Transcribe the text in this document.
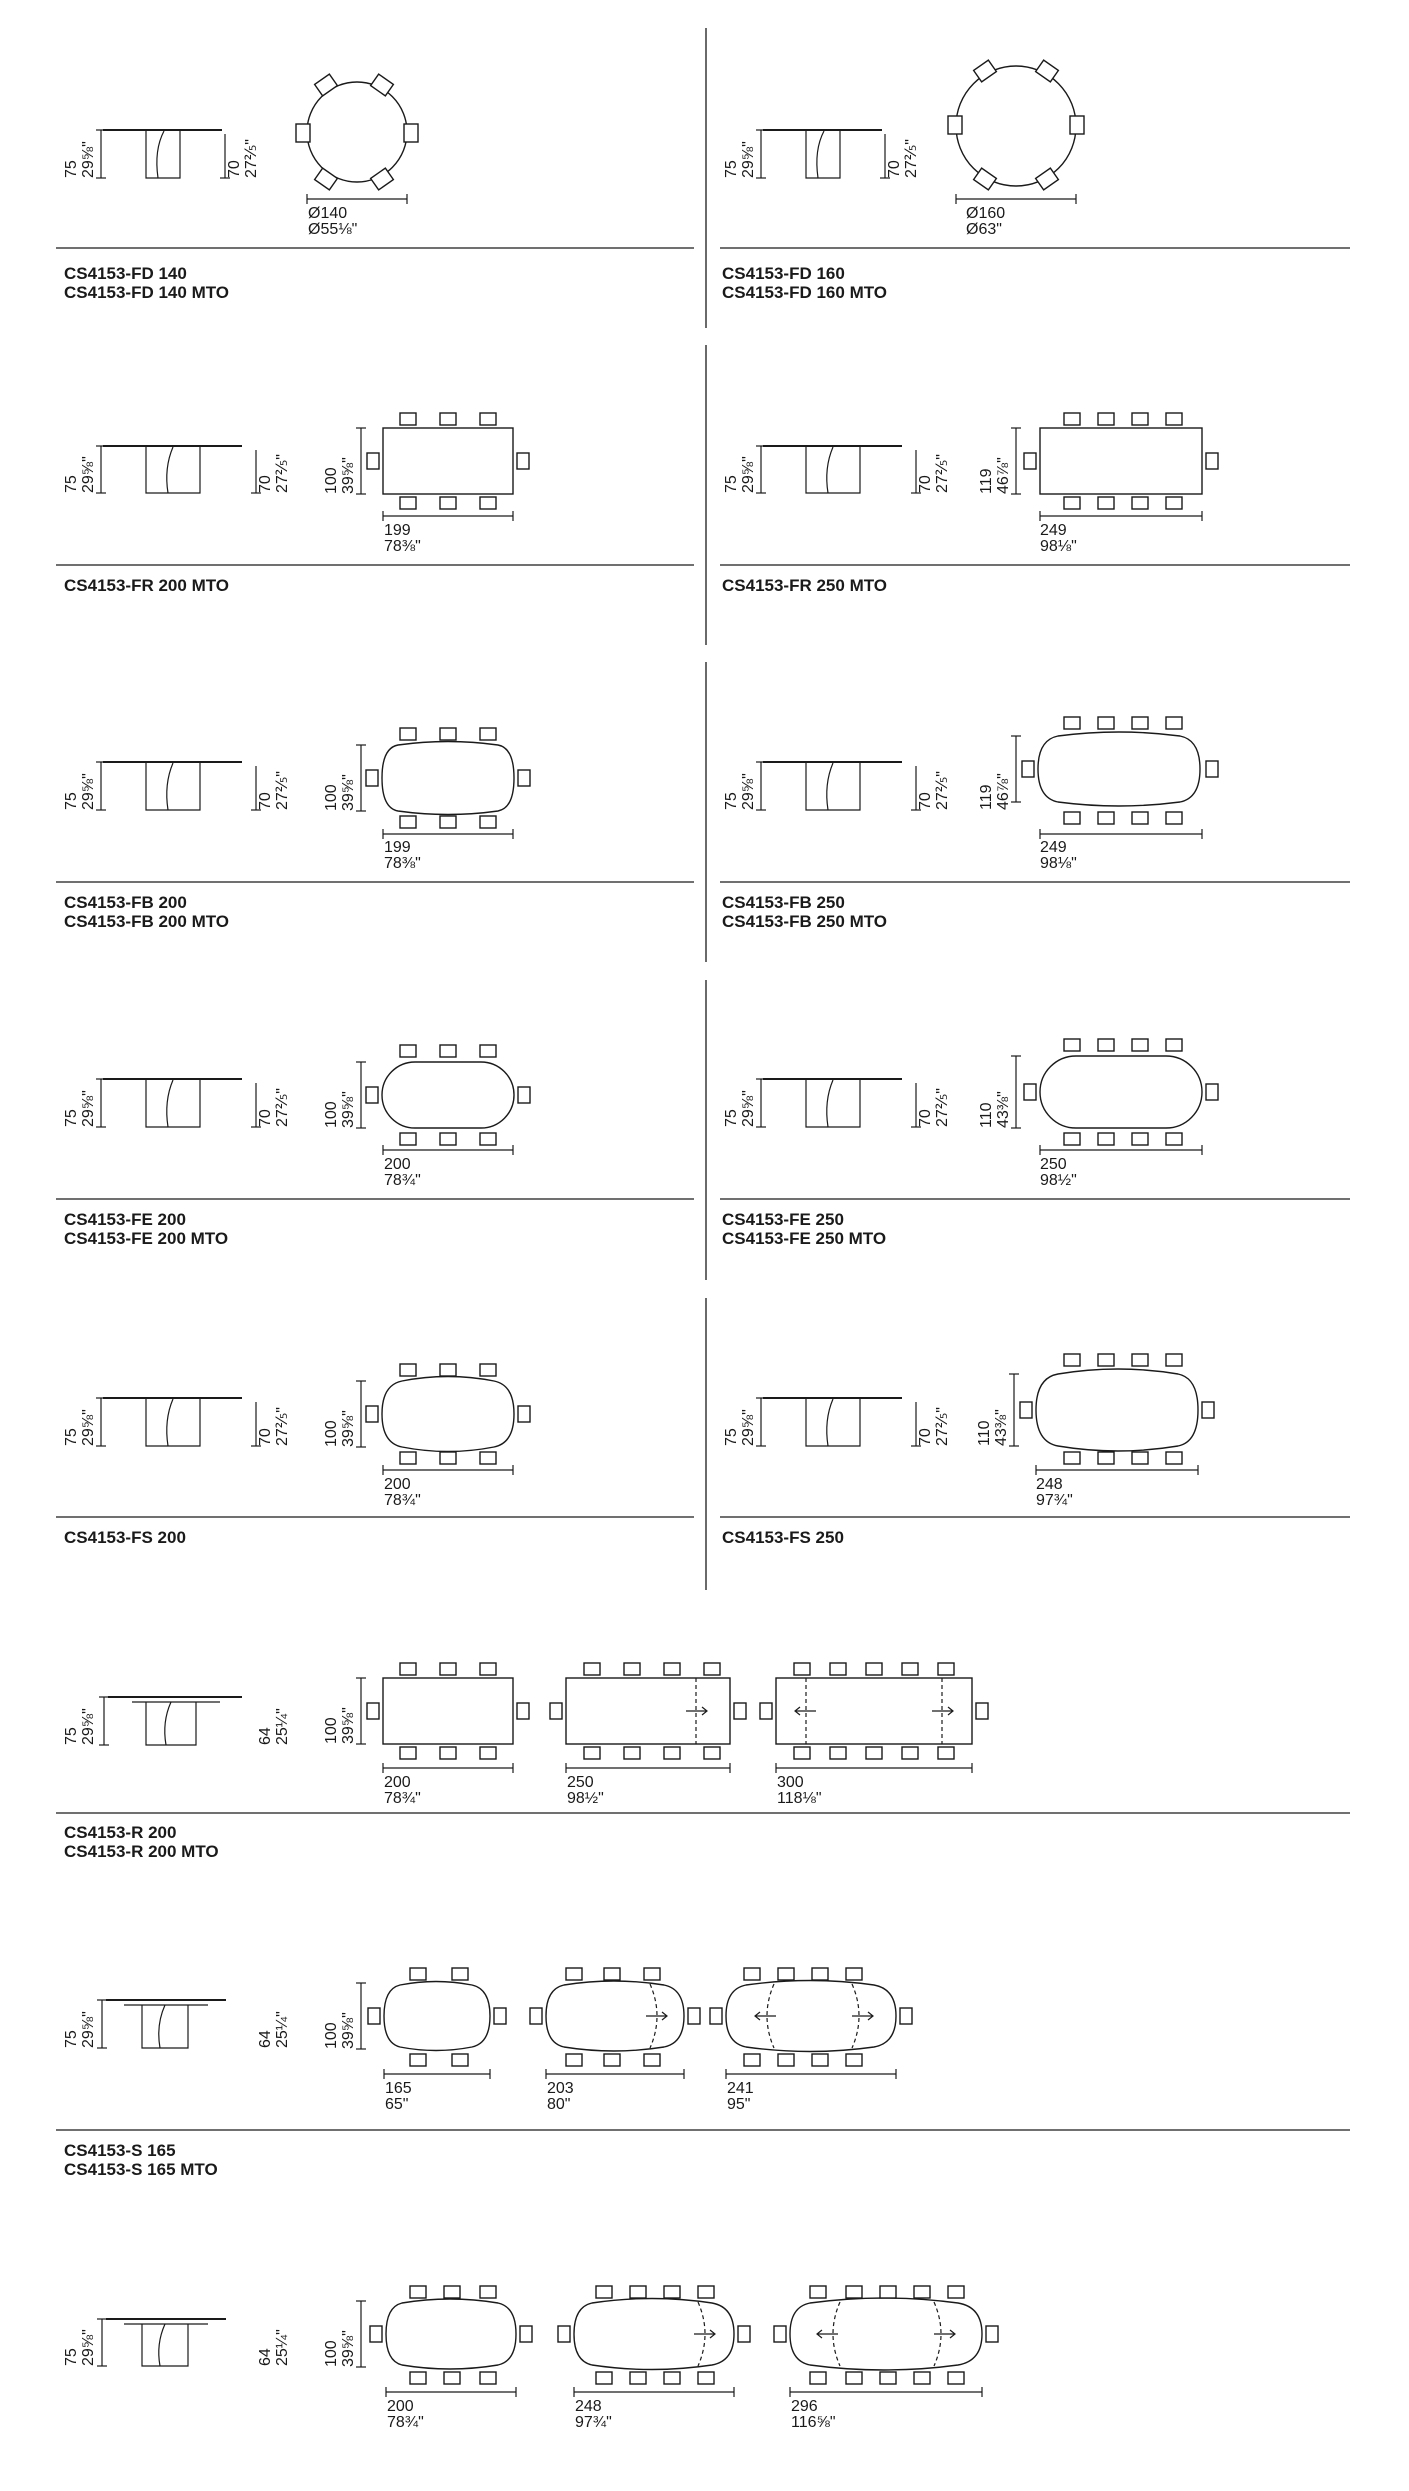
75 29⅝"	70 27⅖"
Ø140
Ø55⅛"
CS4153-FD 140
CS4153-FD 140 MTO
75 29⅝"	70 27⅖"
Ø160
Ø63"
CS4153-FD 160
CS4153-FD 160 MTO
75 29⅝"	70 27⅖" 100 39⅝"
199
78⅜"
CS4153-FR 200 MTO
75 29⅝"	70 27⅖" 119 46⅞"
249
98⅛"
CS4153-FR 250 MTO
75 29⅝"	70 27⅖" 100 39⅝"
199
78⅜"
CS4153-FB 200
CS4153-FB 200 MTO
75 29⅝"	70 27⅖" 119 46⅞"
249
98⅛"
CS4153-FB 250
CS4153-FB 250 MTO
75 29⅝"	70 27⅖" 100 39⅝"
200
78¾"
CS4153-FE 200
CS4153-FE 200 MTO
75 29⅝"	70 27⅖" 110 43⅜"
250
98½"
CS4153-FE 250
CS4153-FE 250 MTO
75 29⅝"	70 27⅖" 100 39⅝"
200
78¾"
CS4153-FS 200
75 29⅝"	70 27⅖" 110 43⅜"
248
97¾"
CS4153-FS 250
75 29⅝"	64 25¼" 100 39⅝"
200
78¾"
250
98½"
300
118⅛"
CS4153-R 200
CS4153-R 200 MTO
75 29⅝"	64 25¼" 100 39⅝"
165
65"
203
80"
241
95"
CS4153-S 165
CS4153-S 165 MTO
75 29⅝"	64 25¼" 100 39⅝"
200
78¾"
248
97¾"
296
116⅝"
